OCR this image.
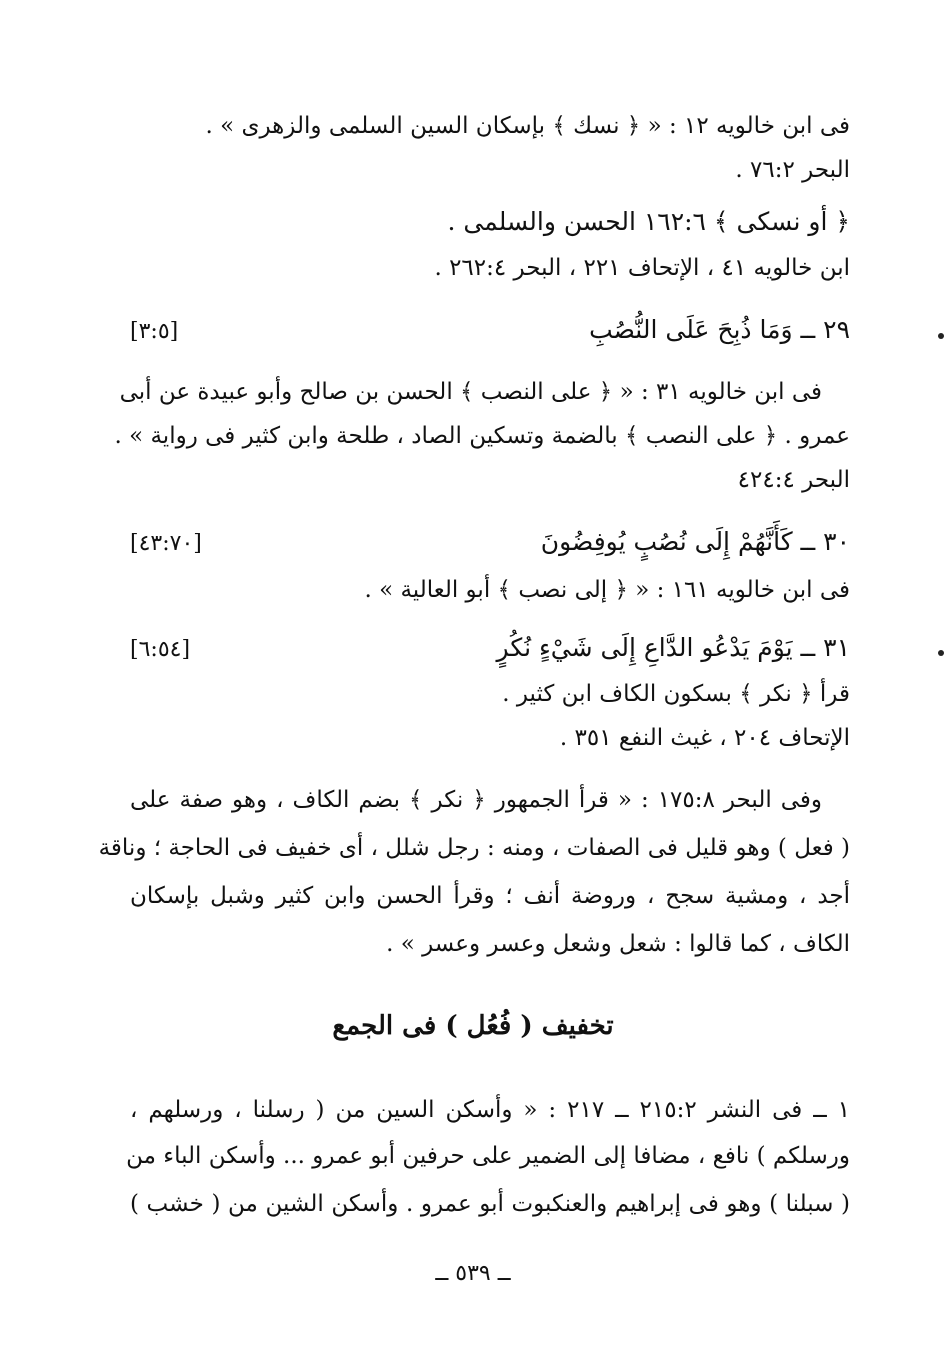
فى ابن خالويه ١٢ : « ﴿ نسك ﴾ بإسكان السين السلمى والزهرى » .
البحر ٧٦:٢ .
﴿ أو نسكى ﴾ ١٦٢:٦ الحسن والسلمى .
ابن خالويه ٤١ ، الإتحاف ٢٢١ ، البحر ٢٦٢:٤ .
٢٩ ــ وَمَا ذُبِحَ عَلَى النُّصُبِ
[٣:٥]
فى ابن خالويه ٣١ : « ﴿ على النصب ﴾ الحسن بن صالح وأبو عبيدة عن أبى
عمرو . ﴿ على النصب ﴾ بالضمة وتسكين الصاد ، طلحة وابن كثير فى رواية » .
البحر ٤٢٤:٤
٣٠ ــ كَأَنَّهُمْ إِلَى نُصُبٍ يُوفِضُونَ
[٤٣:٧٠]
فى ابن خالويه ١٦١ : « ﴿ إلى نصب ﴾ أبو العالية » .
٣١ ــ يَوْمَ يَدْعُو الدَّاعِ إِلَى شَيْءٍ نُكُرٍ
[٦:٥٤]
قرأ ﴿ نكر ﴾ بسكون الكاف ابن كثير .
الإتحاف ٢٠٤ ، غيث النفع ٣٥١ .
وفى البحر ١٧٥:٨ : « قرأ الجمهور ﴿ نكر ﴾ بضم الكاف ، وهو صفة على
( فعل ) وهو قليل فى الصفات ، ومنه : رجل شلل ، أى خفيف فى الحاجة ؛ وناقة
أجد ، ومشية سجح ، وروضة أنف ؛ وقرأ الحسن وابن كثير وشبل بإسكان
الكاف ، كما قالوا : شعل وشعل وعسر وعسر » .
تخفيف ( فُعُل ) فى الجمع
١ ــ فى النشر ٢١٥:٢ ــ ٢١٧ : « وأسكن السين من ( رسلنا ، ورسلهم ،
ورسلكم ) نافع ، مضافا إلى الضمير على حرفين أبو عمرو ... وأسكن الباء من
( سبلنا ) وهو فى إبراهيم والعنكبوت أبو عمرو . وأسكن الشين من ( خشب )
ــ ٥٣٩ ــ
